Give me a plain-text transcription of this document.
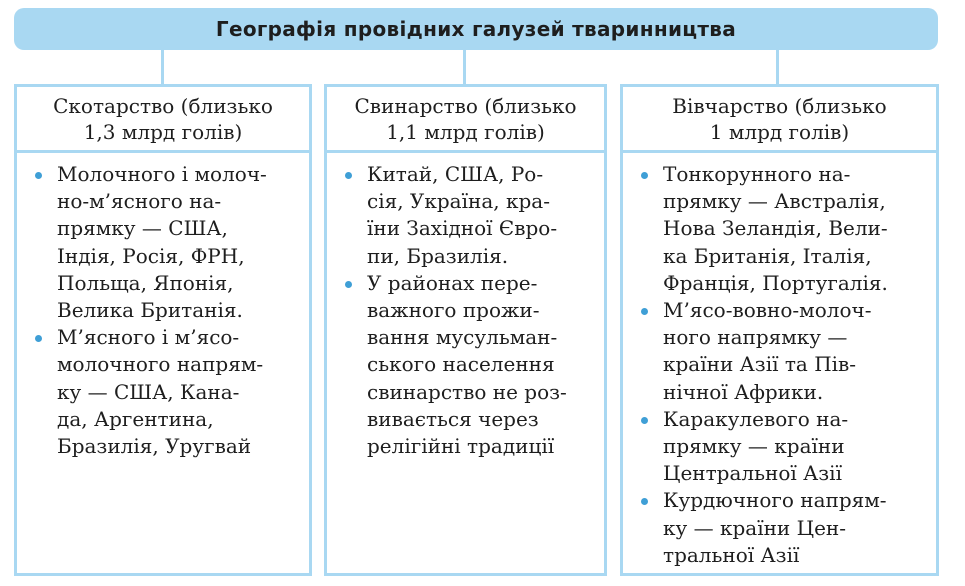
Географія провідних галузей тваринництва
Скотарство (близько
1,3 млрд голів)
Молочного і молоч-
но-м’ясного на-
прямку — США,
Індія, Росія, ФРН,
Польща, Японія,
Велика Британія.
М’ясного і м’ясо-
молочного напрям-
ку — США, Кана-
да, Аргентина,
Бразилія, Уругвай
Свинарство (близько
1,1 млрд голів)
Китай, США, Ро-
сія, Україна, кра-
їни Західної Євро-
пи, Бразилія.
У районах пере-
важного прожи-
вання мусульман-
ського населення
свинарство не роз-
вивається через
релігійні традиції
Вівчарство (близько
1 млрд голів)
Тонкорунного на-
прямку — Австралія,
Нова Зеландія, Вели-
ка Британія, Італія,
Франція, Португалія.
М’ясо-вовно-молоч-
ного напрямку —
країни Азії та Пів-
нічної Африки.
Каракулевого на-
прямку — країни
Центральної Азії
Курдючного напрям-
ку — країни Цен-
тральної Азії
